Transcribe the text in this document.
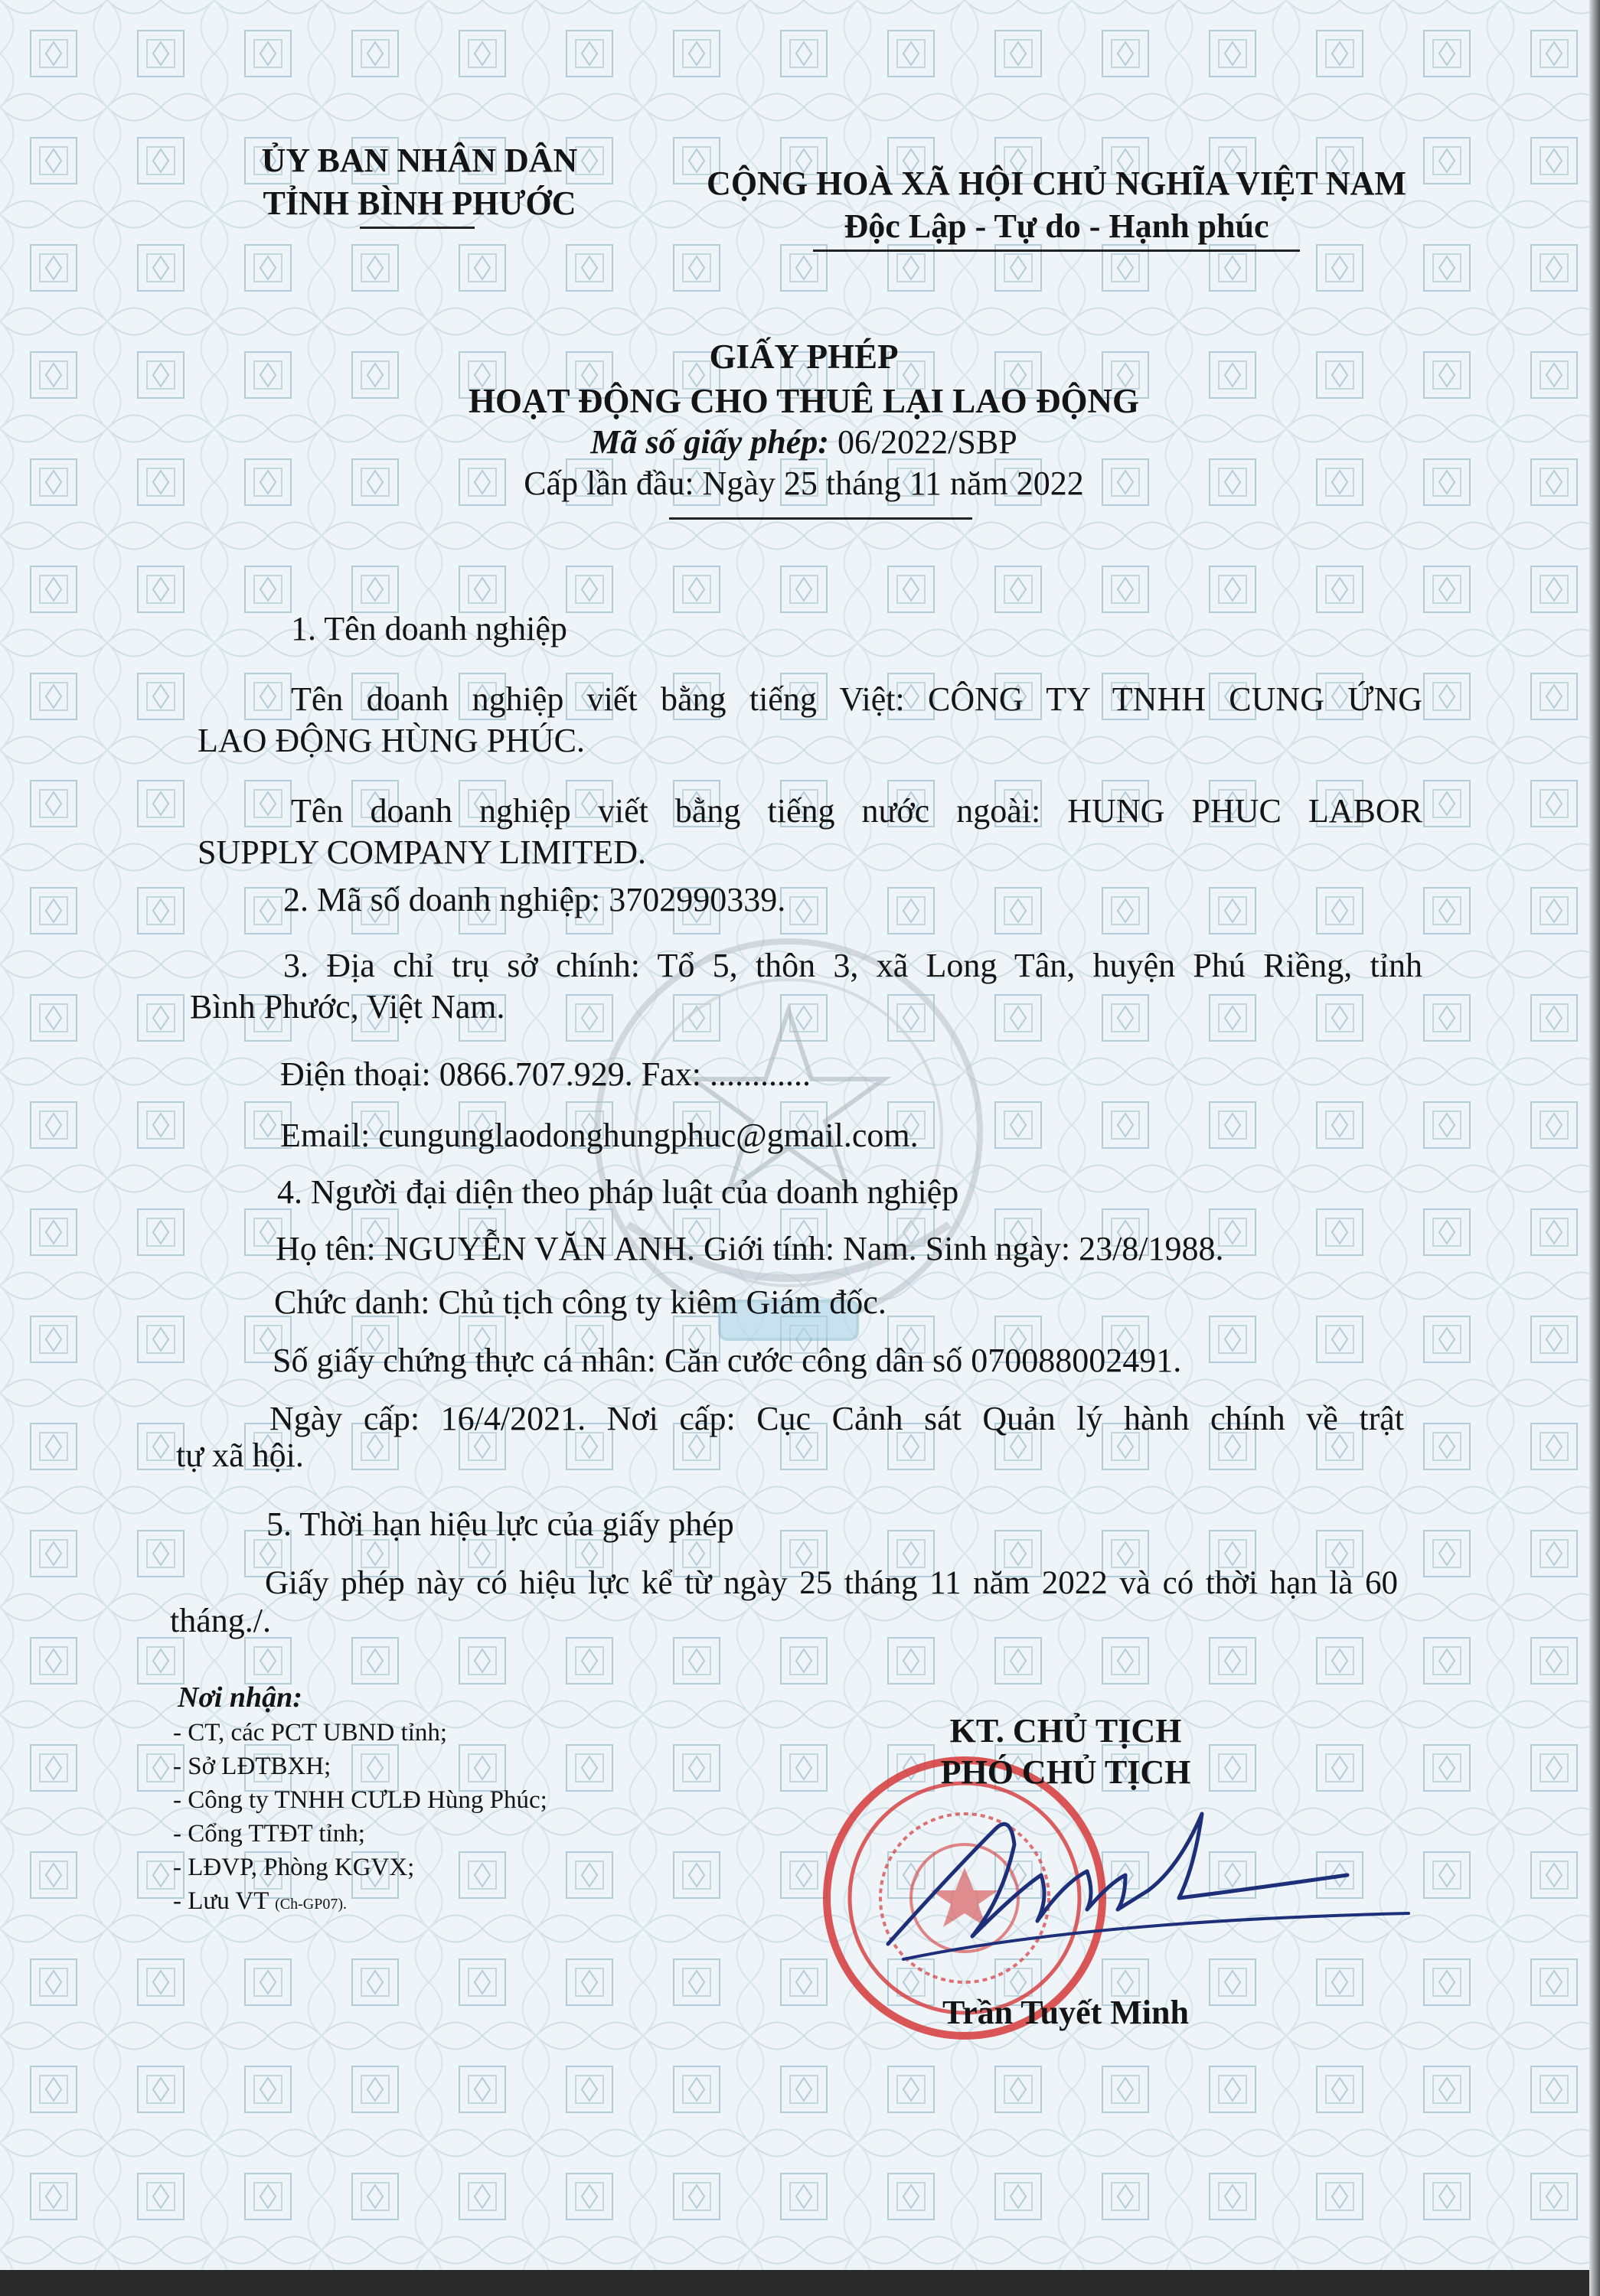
ỦY BAN NHÂN DÂN
TỈNH BÌNH PHƯỚC
CỘNG HOÀ XÃ HỘI CHỦ NGHĨA VIỆT NAM
Độc Lập - Tự do - Hạnh phúc
GIẤY PHÉP
HOẠT ĐỘNG CHO THUÊ LẠI LAO ĐỘNG
Mã số giấy phép: 06/2022/SBP
Cấp lần đầu: Ngày 25 tháng 11 năm 2022
1. Tên doanh nghiệp
Tên doanh nghiệp viết bằng tiếng Việt: CÔNG TY TNHH CUNG ỨNG
LAO ĐỘNG HÙNG PHÚC.
Tên doanh nghiệp viết bằng tiếng nước ngoài: HUNG PHUC LABOR
SUPPLY COMPANY LIMITED.
2. Mã số doanh nghiệp: 3702990339.
3. Địa chỉ trụ sở chính: Tổ 5, thôn 3, xã Long Tân, huyện Phú Riềng, tỉnh
Bình Phước, Việt Nam.
Điện thoại: 0866.707.929. Fax: ............
Email: cungunglaodonghungphuc@gmail.com.
4. Người đại diện theo pháp luật của doanh nghiệp
Họ tên: NGUYỄN VĂN ANH. Giới tính: Nam. Sinh ngày: 23/8/1988.
Chức danh: Chủ tịch công ty kiêm Giám đốc.
Số giấy chứng thực cá nhân: Căn cước công dân số 070088002491.
Ngày cấp: 16/4/2021. Nơi cấp: Cục Cảnh sát Quản lý hành chính về trật
tự xã hội.
5. Thời hạn hiệu lực của giấy phép
Giấy phép này có hiệu lực kể từ ngày 25 tháng 11 năm 2022 và có thời hạn là 60
tháng./.
Nơi nhận:
- CT, các PCT UBND tỉnh;
- Sở LĐTBXH;
- Công ty TNHH CƯLĐ Hùng Phúc;
- Cổng TTĐT tỉnh;
- LĐVP, Phòng KGVX;
- Lưu VT (Ch-GP07).
KT. CHỦ TỊCH
PHÓ CHỦ TỊCH
Trần Tuyết Minh
